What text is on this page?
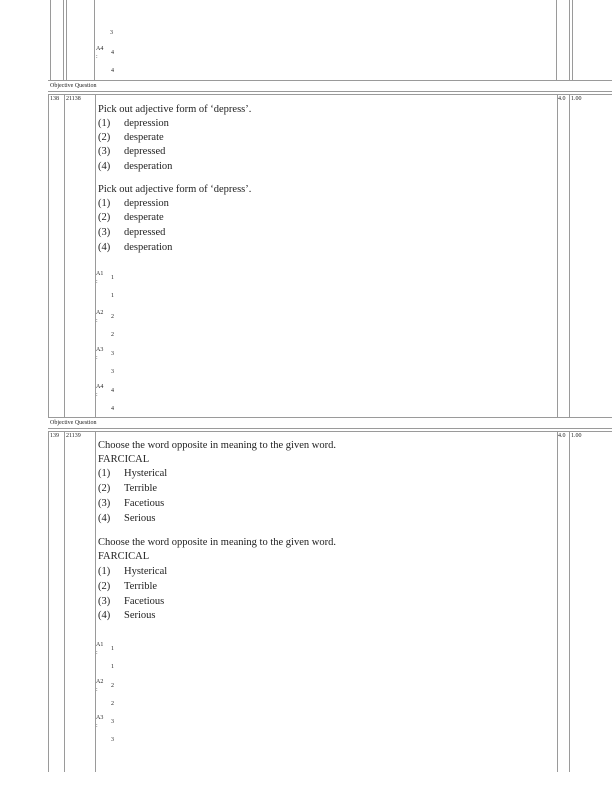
3
A4
:
4
4
Objective Question
138 21138	4.0 1.00
Pick out adjective form of ‘depress’.
(1) depression
(2) desperate
(3) depressed
(4) desperation
Pick out adjective form of ‘depress’.
(1) depression
(2) desperate
(3) depressed
(4) desperation
A1
:
1
1
A2
:
2
2
A3
:
3
3
A4
:
4
4
Objective Question
139 21139	4.0 1.00
Choose the word opposite in meaning to the given word.
FARCICAL
(1) Hysterical
(2) Terrible
(3) Facetious
(4) Serious
Choose the word opposite in meaning to the given word.
FARCICAL
(1) Hysterical
(2) Terrible
(3) Facetious
(4) Serious
A1
:
1
1
A2
:
2
2
A3
:
3
3
